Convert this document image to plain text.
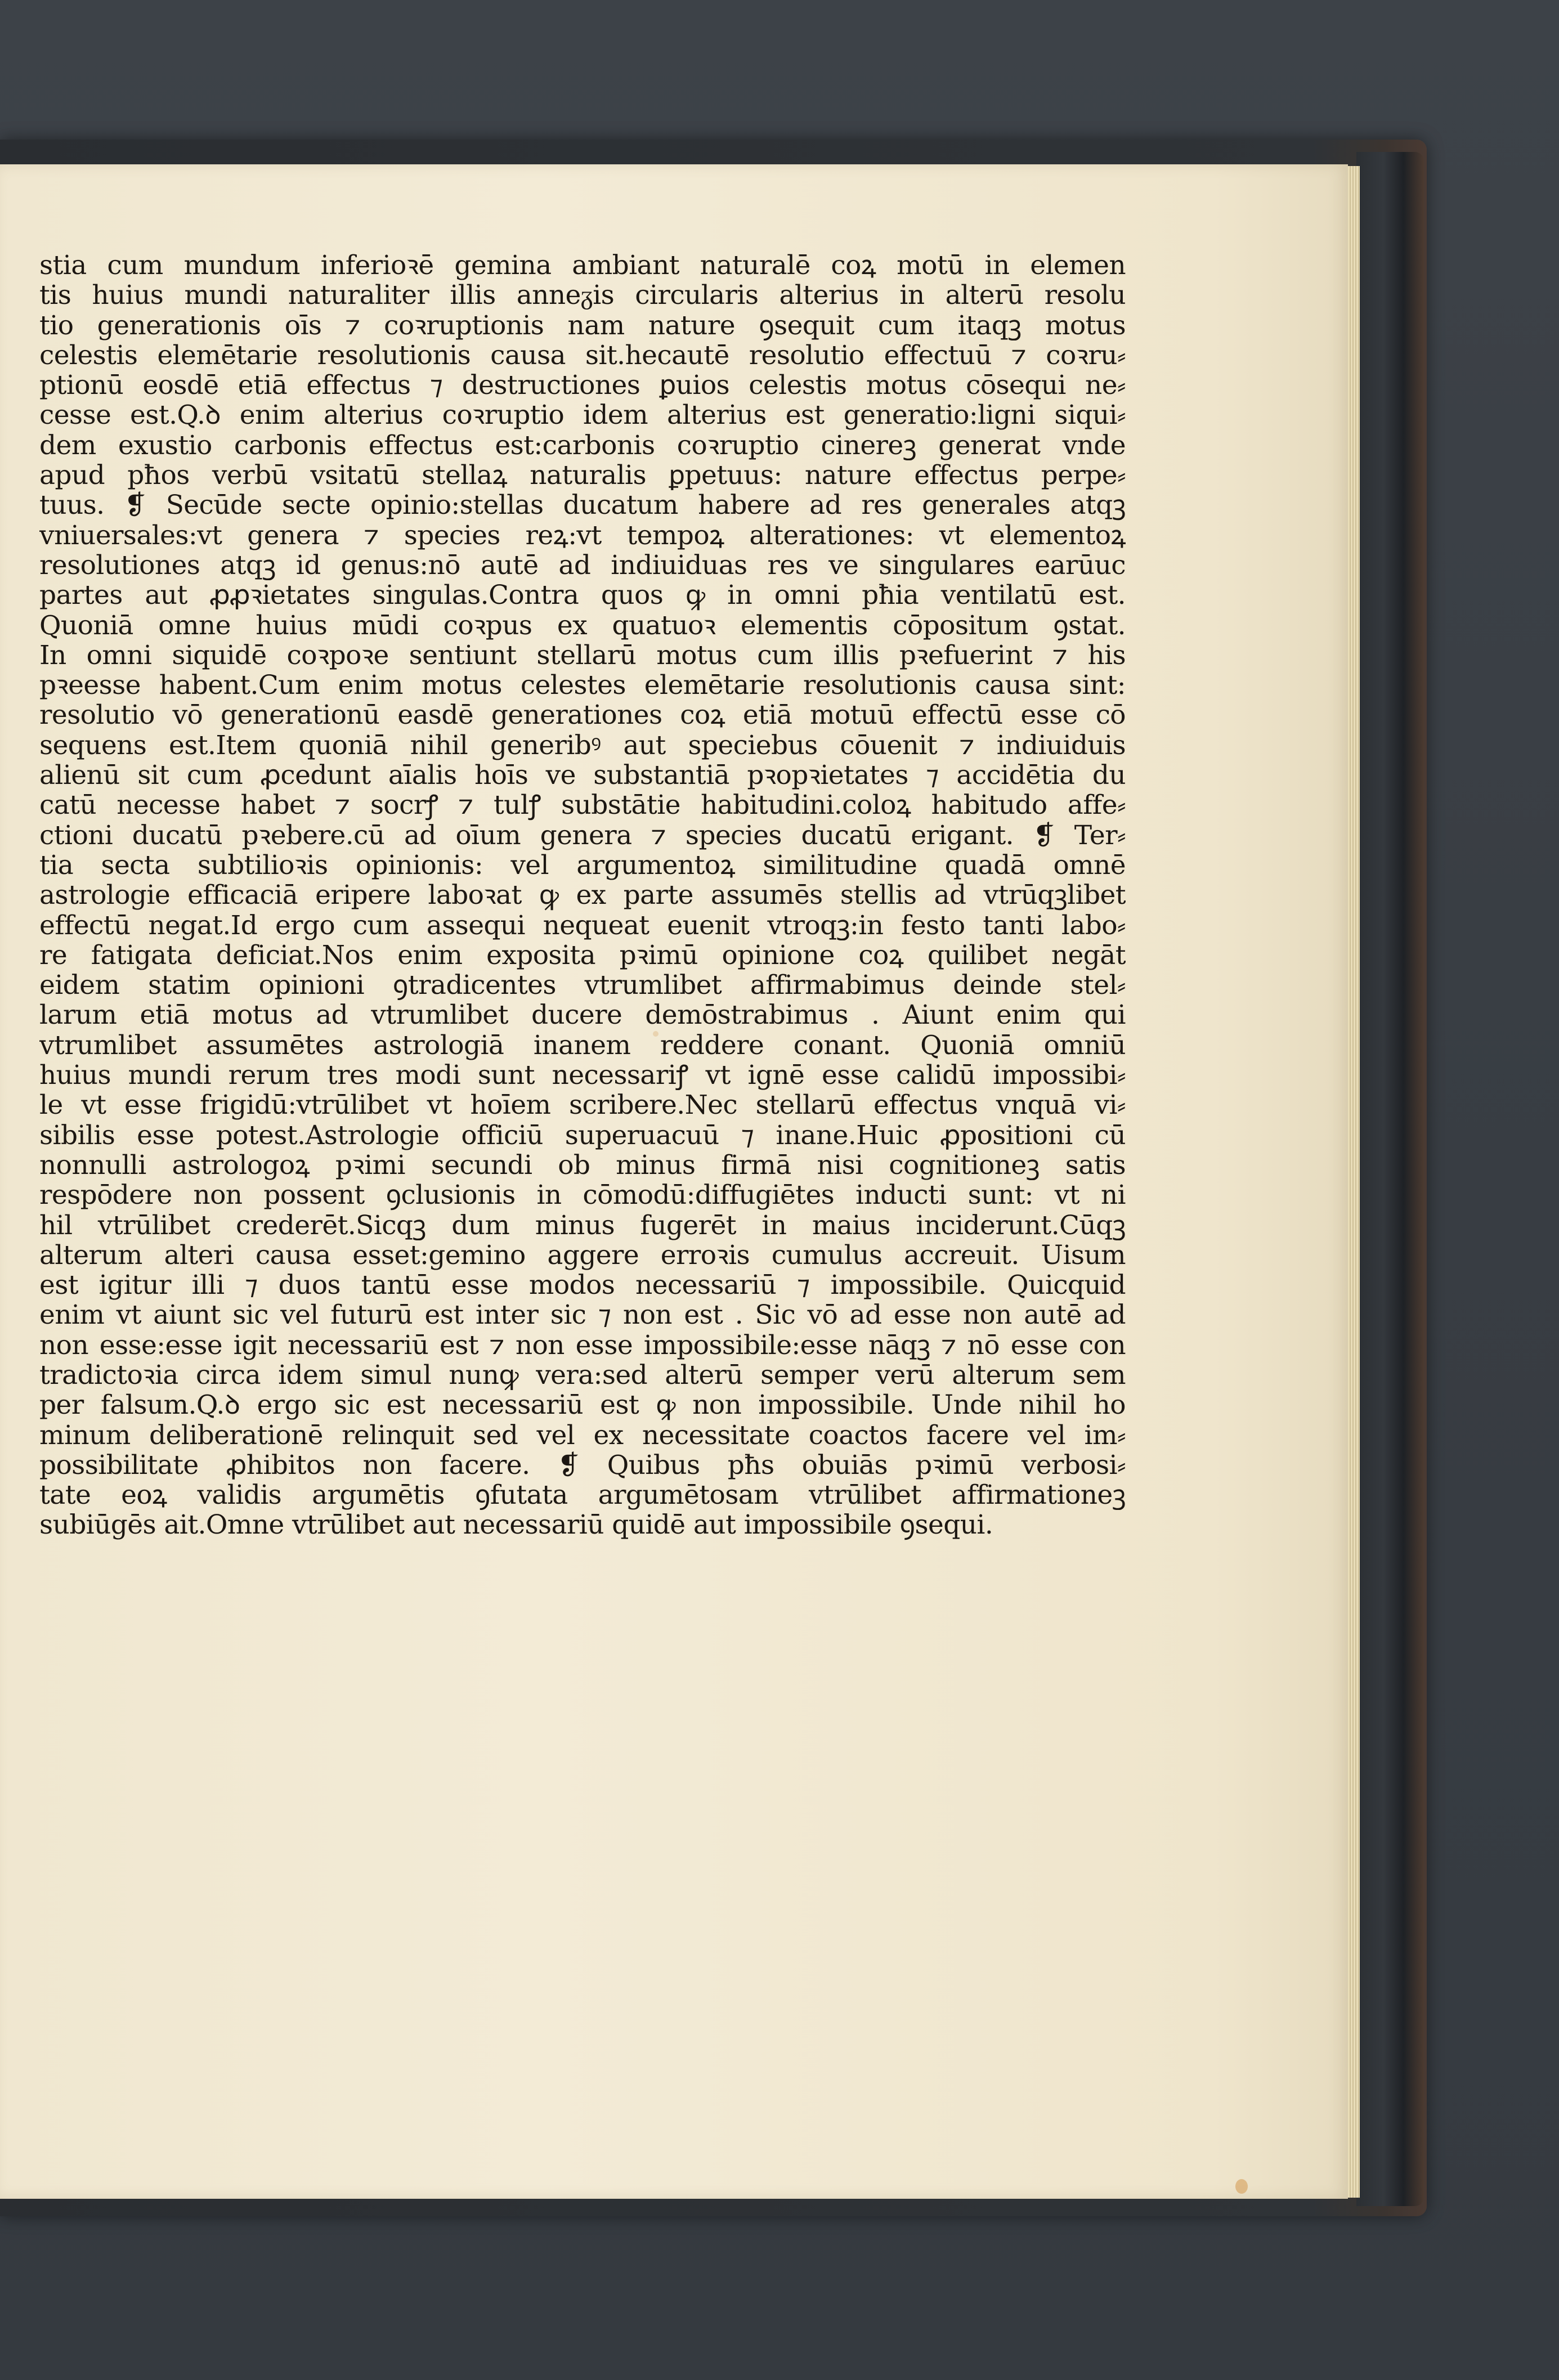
stia cum mundum inferioꝛē gemina ambiant naturalē coꝝ motū in elemen
tis huius mundi naturaliter illis anneᵹis circularis alterius in alterū resolu
tio generationis oīs ⁊ coꝛruptionis nam nature ꝯsequit cum itaqꝫ motus
celestis elemētarie resolutionis causa sit.hecautē resolutio effectuū ⁊ coꝛru⸗
ptionū eosdē etiā effectus ⁊ destructiones ꝑuios celestis motus cōsequi ne⸗
cesse est.Q.ꝺ enim alterius coꝛruptio idem alterius est generatio:ligni siqui⸗
dem exustio carbonis effectus est:carbonis coꝛruptio cinereꝫ generat vnde
apud pħos verbū vsitatū stellaꝝ naturalis ꝑpetuus: nature effectus perpe⸗
tuus. ❡ Secūde secte opinio:stellas ducatum habere ad res generales atqꝫ
vniuersales:vt genera ⁊ species reꝝ:vt tempoꝝ alterationes: vt elementoꝝ
resolutiones atqꝫ id genus:nō autē ad indiuiduas res ve singulares earūuc
partes aut ꝓꝓꝛietates singulas.Contra quos ꝙ in omni pħia ventilatū est.
Quoniā omne huius mūdi coꝛpus ex quatuoꝛ elementis cōpositum ꝯstat.
In omni siquidē coꝛpoꝛe sentiunt stellarū motus cum illis pꝛefuerint ⁊ his
pꝛeesse habent.Cum enim motus celestes elemētarie resolutionis causa sint:
resolutio vō generationū easdē generationes coꝝ etiā motuū effectū esse cō
sequens est.Item quoniā nihil generibꝰ aut speciebus cōuenit ⁊ indiuiduis
alienū sit cum ꝓcedunt aīalis hoīs ve substantiā pꝛopꝛietates ⁊ accidētia du
catū necesse habet ⁊ socrꝭ ⁊ tulꝭ substātie habitudini.coloꝝ habitudo affe⸗
ctioni ducatū pꝛebere.cū ad oīum genera ⁊ species ducatū erigant. ❡ Ter⸗
tia secta subtilioꝛis opinionis: vel argumentoꝝ similitudine quadā omnē
astrologie efficaciā eripere laboꝛat ꝙ ex parte assumēs stellis ad vtrūqꝫlibet
effectū negat.Id ergo cum assequi nequeat euenit vtroqꝫ:in festo tanti labo⸗
re fatigata deficiat.Nos enim exposita pꝛimū opinione coꝝ quilibet negāt
eidem statim opinioni ꝯtradicentes vtrumlibet affirmabimus deinde stel⸗
larum etiā motus ad vtrumlibet ducere demōstrabimus . Aiunt enim qui
vtrumlibet assumētes astrologiā inanem reddere conant. Quoniā omniū
huius mundi rerum tres modi sunt necessariꝭ vt ignē esse calidū impossibi⸗
le vt esse frigidū:vtrūlibet vt hoīem scribere.Nec stellarū effectus vnquā vi⸗
sibilis esse potest.Astrologie officiū superuacuū ⁊ inane.Huic ꝓpositioni cū
nonnulli astrologoꝝ pꝛimi secundi ob minus firmā nisi cognitioneꝫ satis
respōdere non possent ꝯclusionis in cōmodū:diffugiētes inducti sunt: vt ni
hil vtrūlibet crederēt.Sicqꝫ dum minus fugerēt in maius inciderunt.Cūqꝫ
alterum alteri causa esset:gemino aggere erroꝛis cumulus accreuit. Uisum
est igitur illi ⁊ duos tantū esse modos necessariū ⁊ impossibile. Quicquid
enim vt aiunt sic vel futurū est inter sic ⁊ non est . Sic vō ad esse non autē ad
non esse:esse igit necessariū est ⁊ non esse impossibile:esse nāqꝫ ⁊ nō esse con
tradictoꝛia circa idem simul nunꝙ vera:sed alterū semper verū alterum sem
per falsum.Q.ꝺ ergo sic est necessariū est ꝙ non impossibile. Unde nihil ho
minum deliberationē relinquit sed vel ex necessitate coactos facere vel im⸗
possibilitate ꝓhibitos non facere. ❡ Quibus pħs obuiās pꝛimū verbosi⸗
tate eoꝝ validis argumētis ꝯfutata argumētosam vtrūlibet affirmationeꝫ
subiūgēs ait.Omne vtrūlibet aut necessariū quidē aut impossibile ꝯsequi.
